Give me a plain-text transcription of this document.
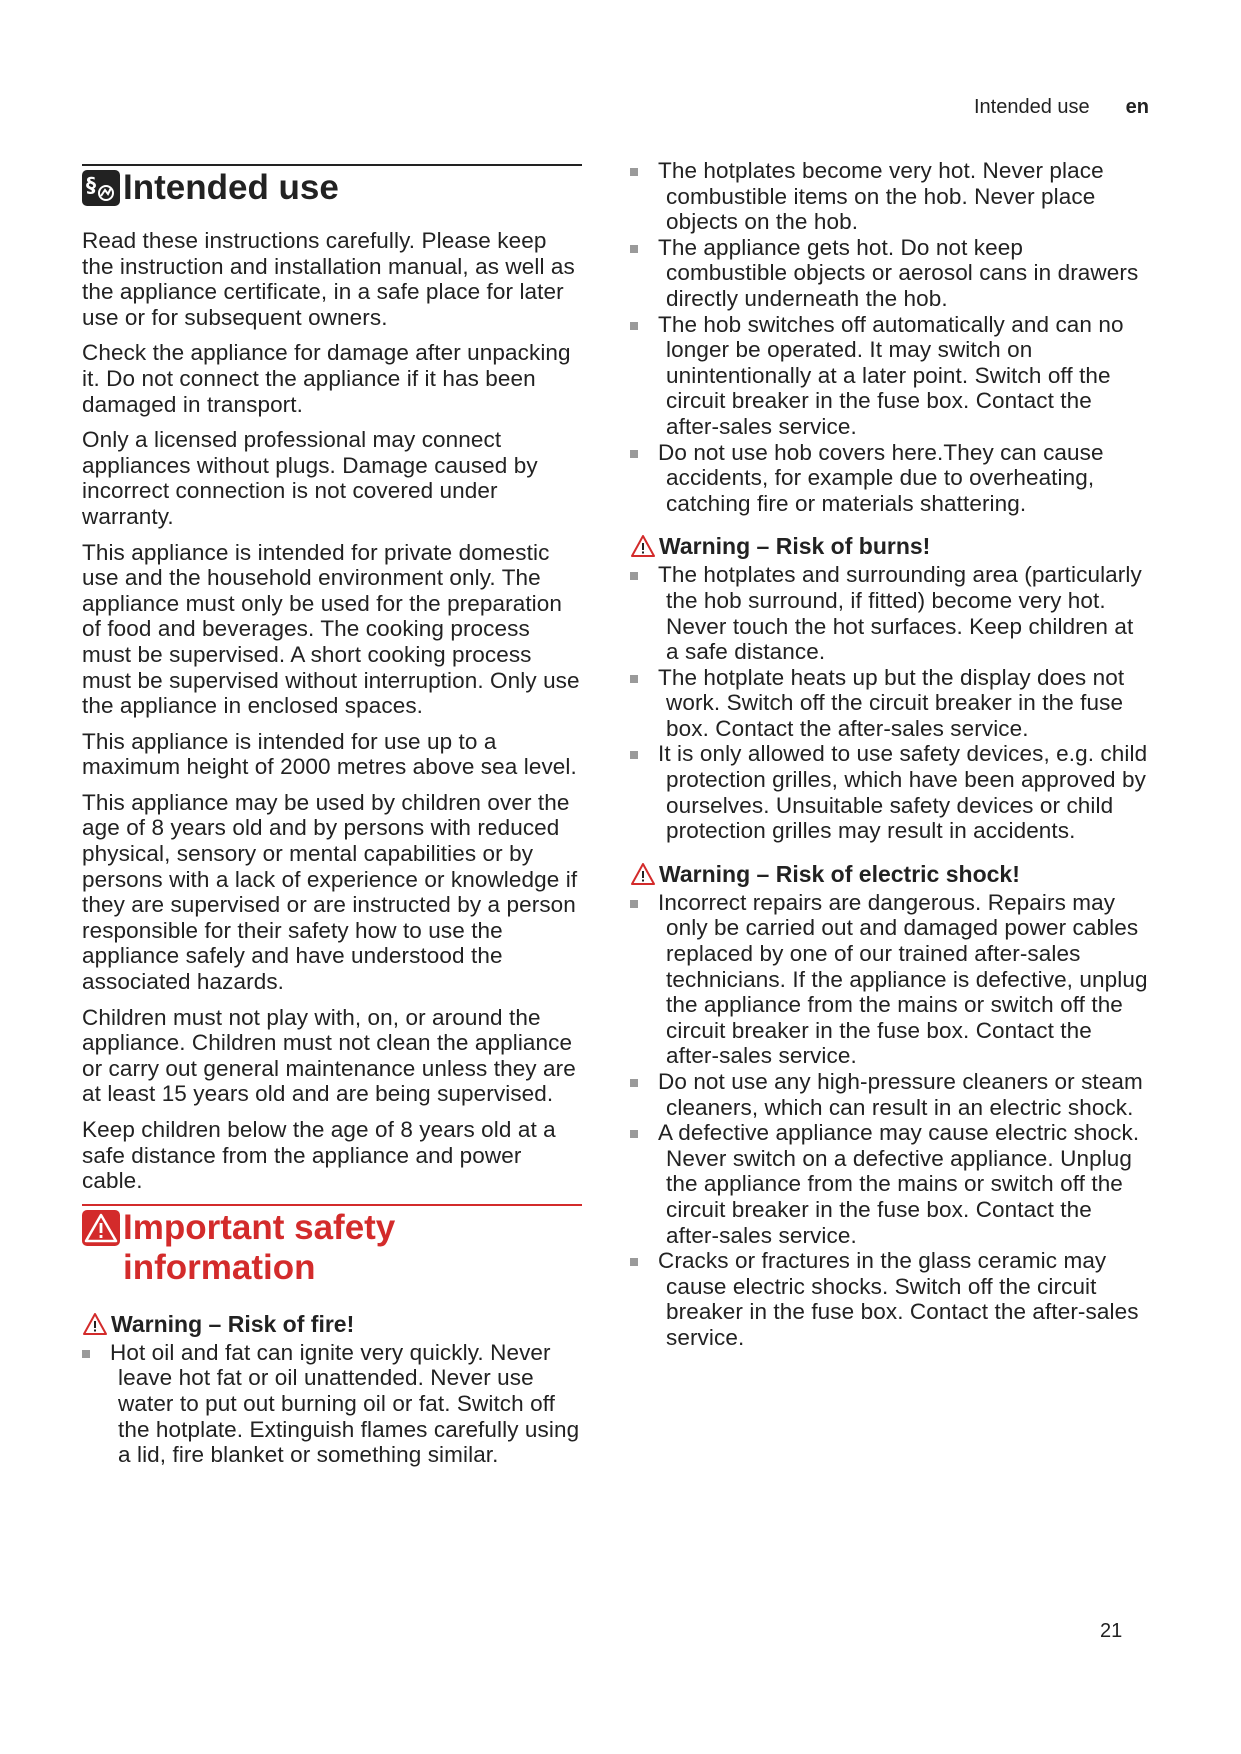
Intended use en
§ Intended use

Read these instructions carefully. Please keep the instruction and installation manual, as well as the appliance certificate, in a safe place for later use or for subsequent owners.

Check the appliance for damage after unpacking it. Do not connect the appliance if it has been damaged in transport.

Only a licensed professional may connect appliances without plugs. Damage caused by incorrect connection is not covered under warranty.

This appliance is intended for private domestic use and the household environment only. The appliance must only be used for the preparation of food and beverages. The cooking process must be supervised. A short cooking process must be supervised without interruption. Only use the appliance in enclosed spaces.

This appliance is intended for use up to a maximum height of 2000 metres above sea level.

This appliance may be used by children over the age of 8 years old and by persons with reduced physical, sensory or mental capabilities or by persons with a lack of experience or knowledge if they are supervised or are instructed by a person responsible for their safety how to use the appliance safely and have understood the associated hazards.

Children must not play with, on, or around the appliance. Children must not clean the appliance or carry out general maintenance unless they are at least 15 years old and are being supervised.

Keep children below the age of 8 years old at a safe distance from the appliance and power cable.

Important safety
information
Warning – Risk of fire!
Hot oil and fat can ignite very quickly. Never leave hot fat or oil unattended. Never use water to put out burning oil or fat. Switch off the hotplate. Extinguish flames carefully using a lid, fire blanket or something similar.
The hotplates become very hot. Never place combustible items on the hob. Never place objects on the hob.
The appliance gets hot. Do not keep combustible objects or aerosol cans in drawers directly underneath the hob.
The hob switches off automatically and can no longer be operated. It may switch on unintentionally at a later point. Switch off the circuit breaker in the fuse box. Contact the after-sales service.
Do not use hob covers here.They can cause accidents, for example due to overheating, catching fire or materials shattering.
Warning – Risk of burns!
The hotplates and surrounding area (particularly the hob surround, if fitted) become very hot. Never touch the hot surfaces. Keep children at a safe distance.
The hotplate heats up but the display does not work. Switch off the circuit breaker in the fuse box. Contact the after-sales service.
It is only allowed to use safety devices, e.g. child protection grilles, which have been approved by ourselves. Unsuitable safety devices or child protection grilles may result in accidents.
Warning – Risk of electric shock!
Incorrect repairs are dangerous. Repairs may only be carried out and damaged power cables replaced by one of our trained after-sales technicians. If the appliance is defective, unplug the appliance from the mains or switch off the circuit breaker in the fuse box. Contact the after-sales service.
Do not use any high-pressure cleaners or steam cleaners, which can result in an electric shock.
A defective appliance may cause electric shock. Never switch on a defective appliance. Unplug the appliance from the mains or switch off the circuit breaker in the fuse box. Contact the after-sales service.
Cracks or fractures in the glass ceramic may cause electric shocks. Switch off the circuit breaker in the fuse box. Contact the after-sales service.
21
